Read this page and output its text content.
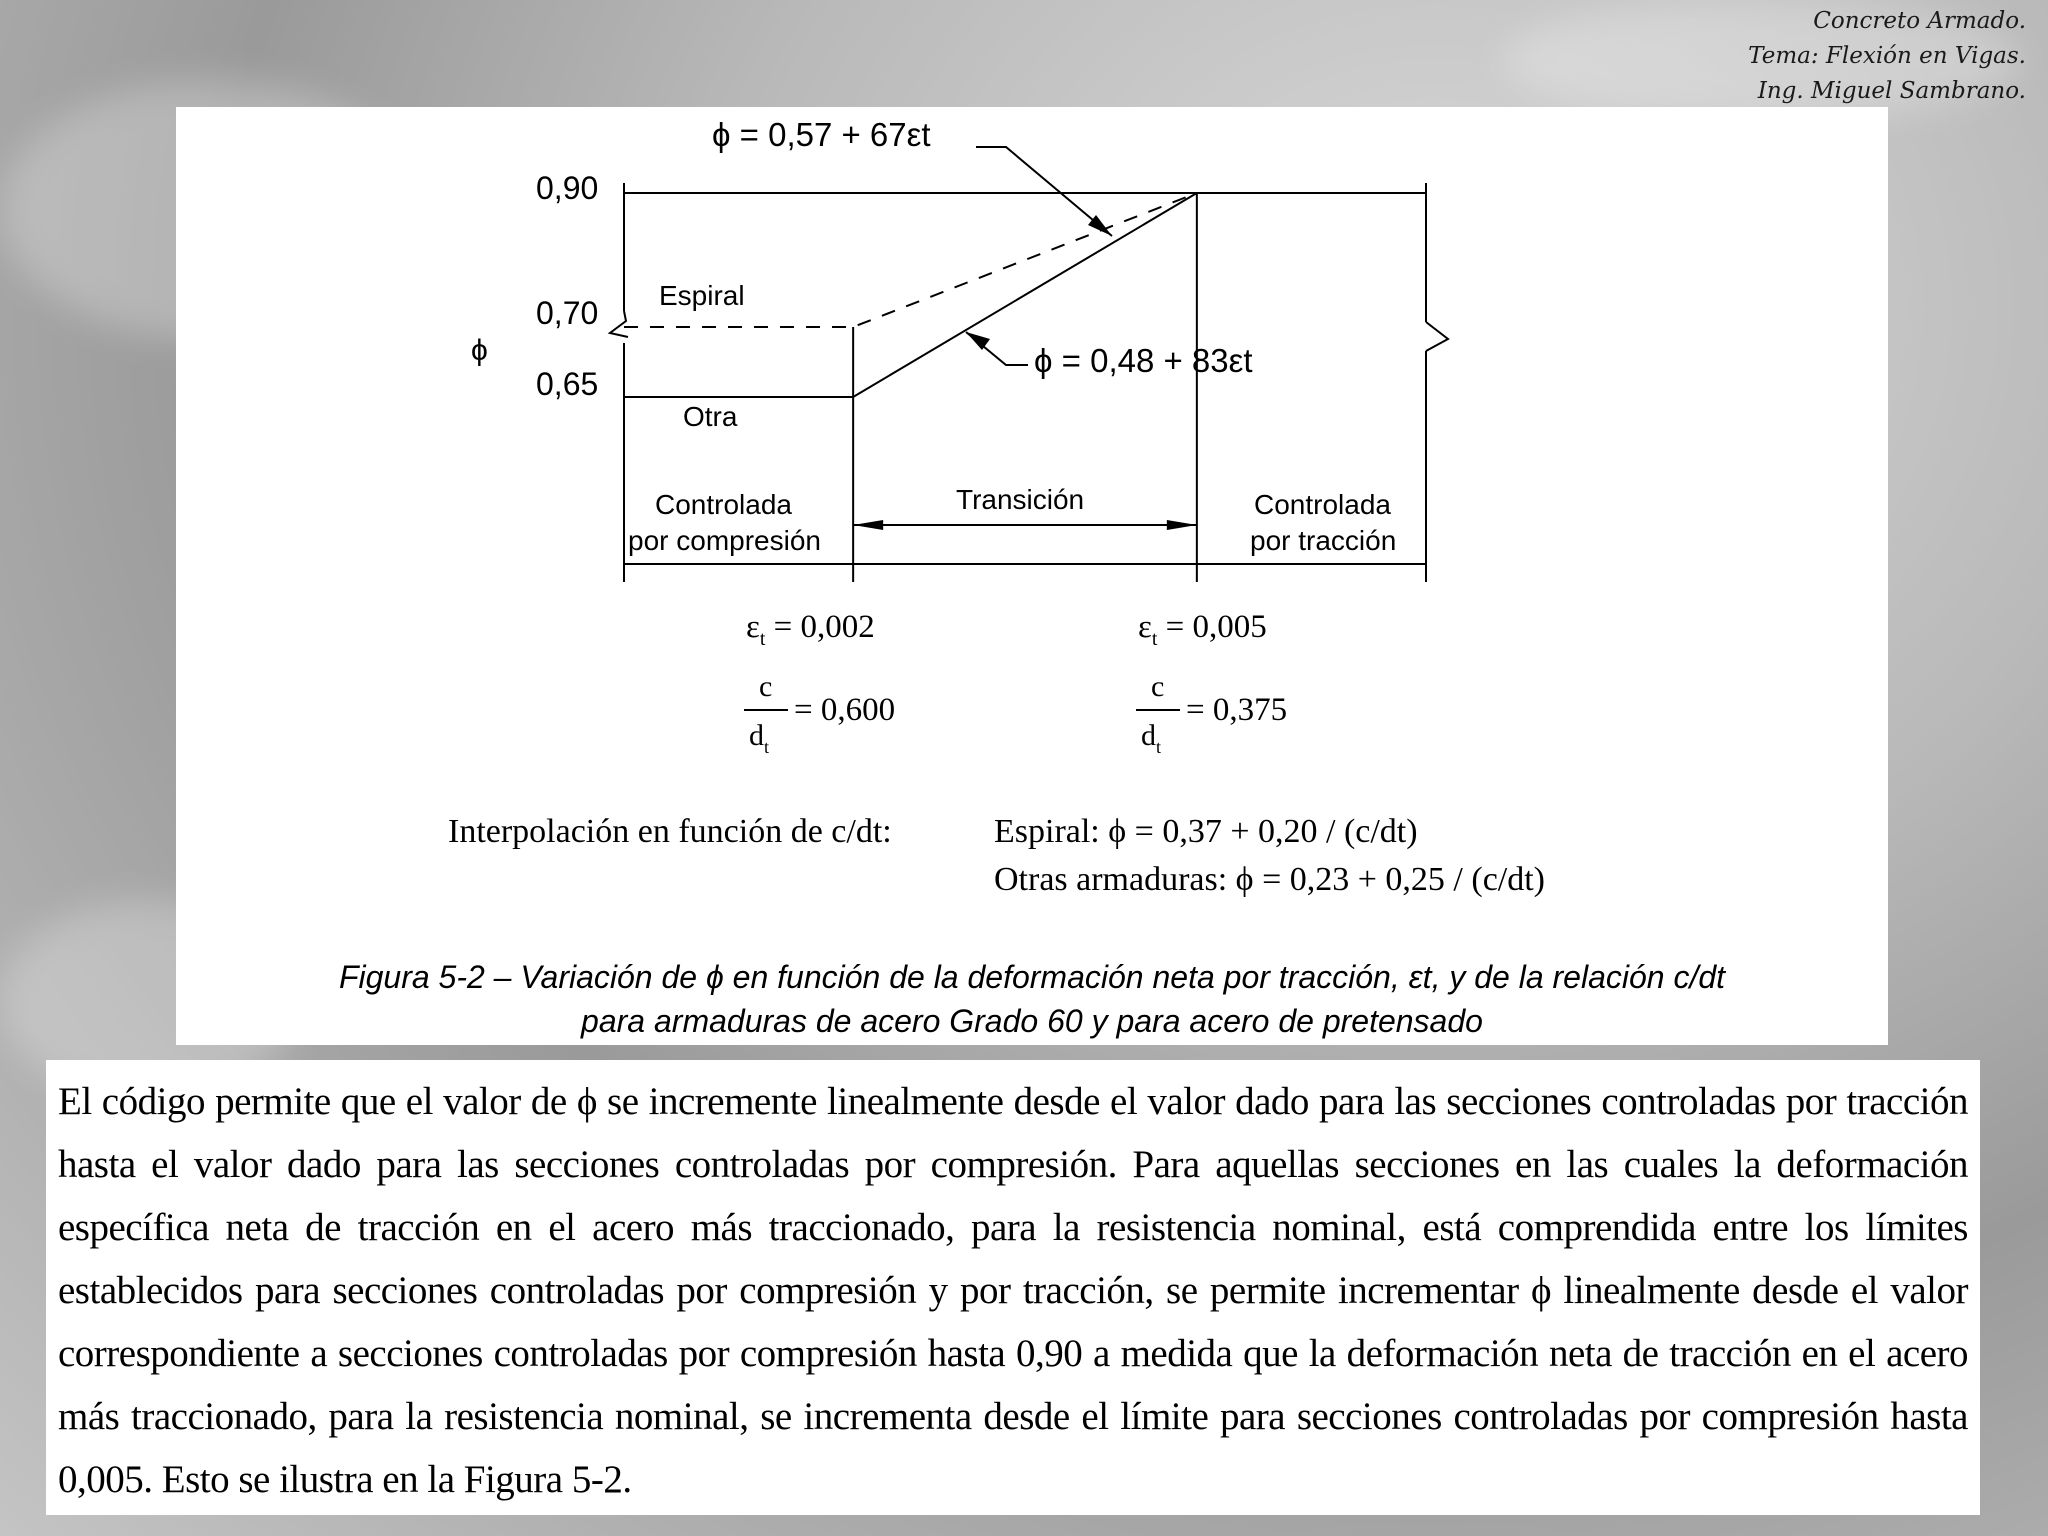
Concreto Armado.
Tema: Flexión en Vigas.
Ing. Miguel Sambrano.
ϕ = 0,57 + 67εt
ϕ = 0,48 + 83εt
0,90
0,70
0,65
ϕ
Espiral
Otra
Controlada
por compresión
Transición	Controlada
por tracción
$\varepsilon_t = 0,002$
c
$d_t$
= 0,600
$\varepsilon_t = 0,005$
c
$d_t$
= 0,375
Interpolación en función de c/dt:	Espiral: ϕ = 0,37 + 0,20 / (c/dt)
Otras armaduras: ϕ = 0,23 + 0,25 / (c/dt)
Figura 5-2 – Variación de ϕ en función de la deformación neta por tracción, εt, y de la relación c/dt
para armaduras de acero Grado 60 y para acero de pretensado
El código permite que el valor de ϕ se incremente linealmente desde el valor dado para las secciones controladas por tracción hasta el valor dado para las secciones controladas por compresión. Para aquellas secciones en las cuales la deformación específica neta de tracción en el acero más traccionado, para la resistencia nominal, está comprendida entre los límites establecidos para secciones controladas por compresión y por tracción, se permite incrementar ϕ linealmente desde el valor correspondiente a secciones controladas por compresión hasta 0,90 a medida que la deformación neta de tracción en el acero más traccionado, para la resistencia nominal, se incrementa desde el límite para secciones controladas por compresión hasta 0,005. Esto se ilustra en la Figura 5-2.
